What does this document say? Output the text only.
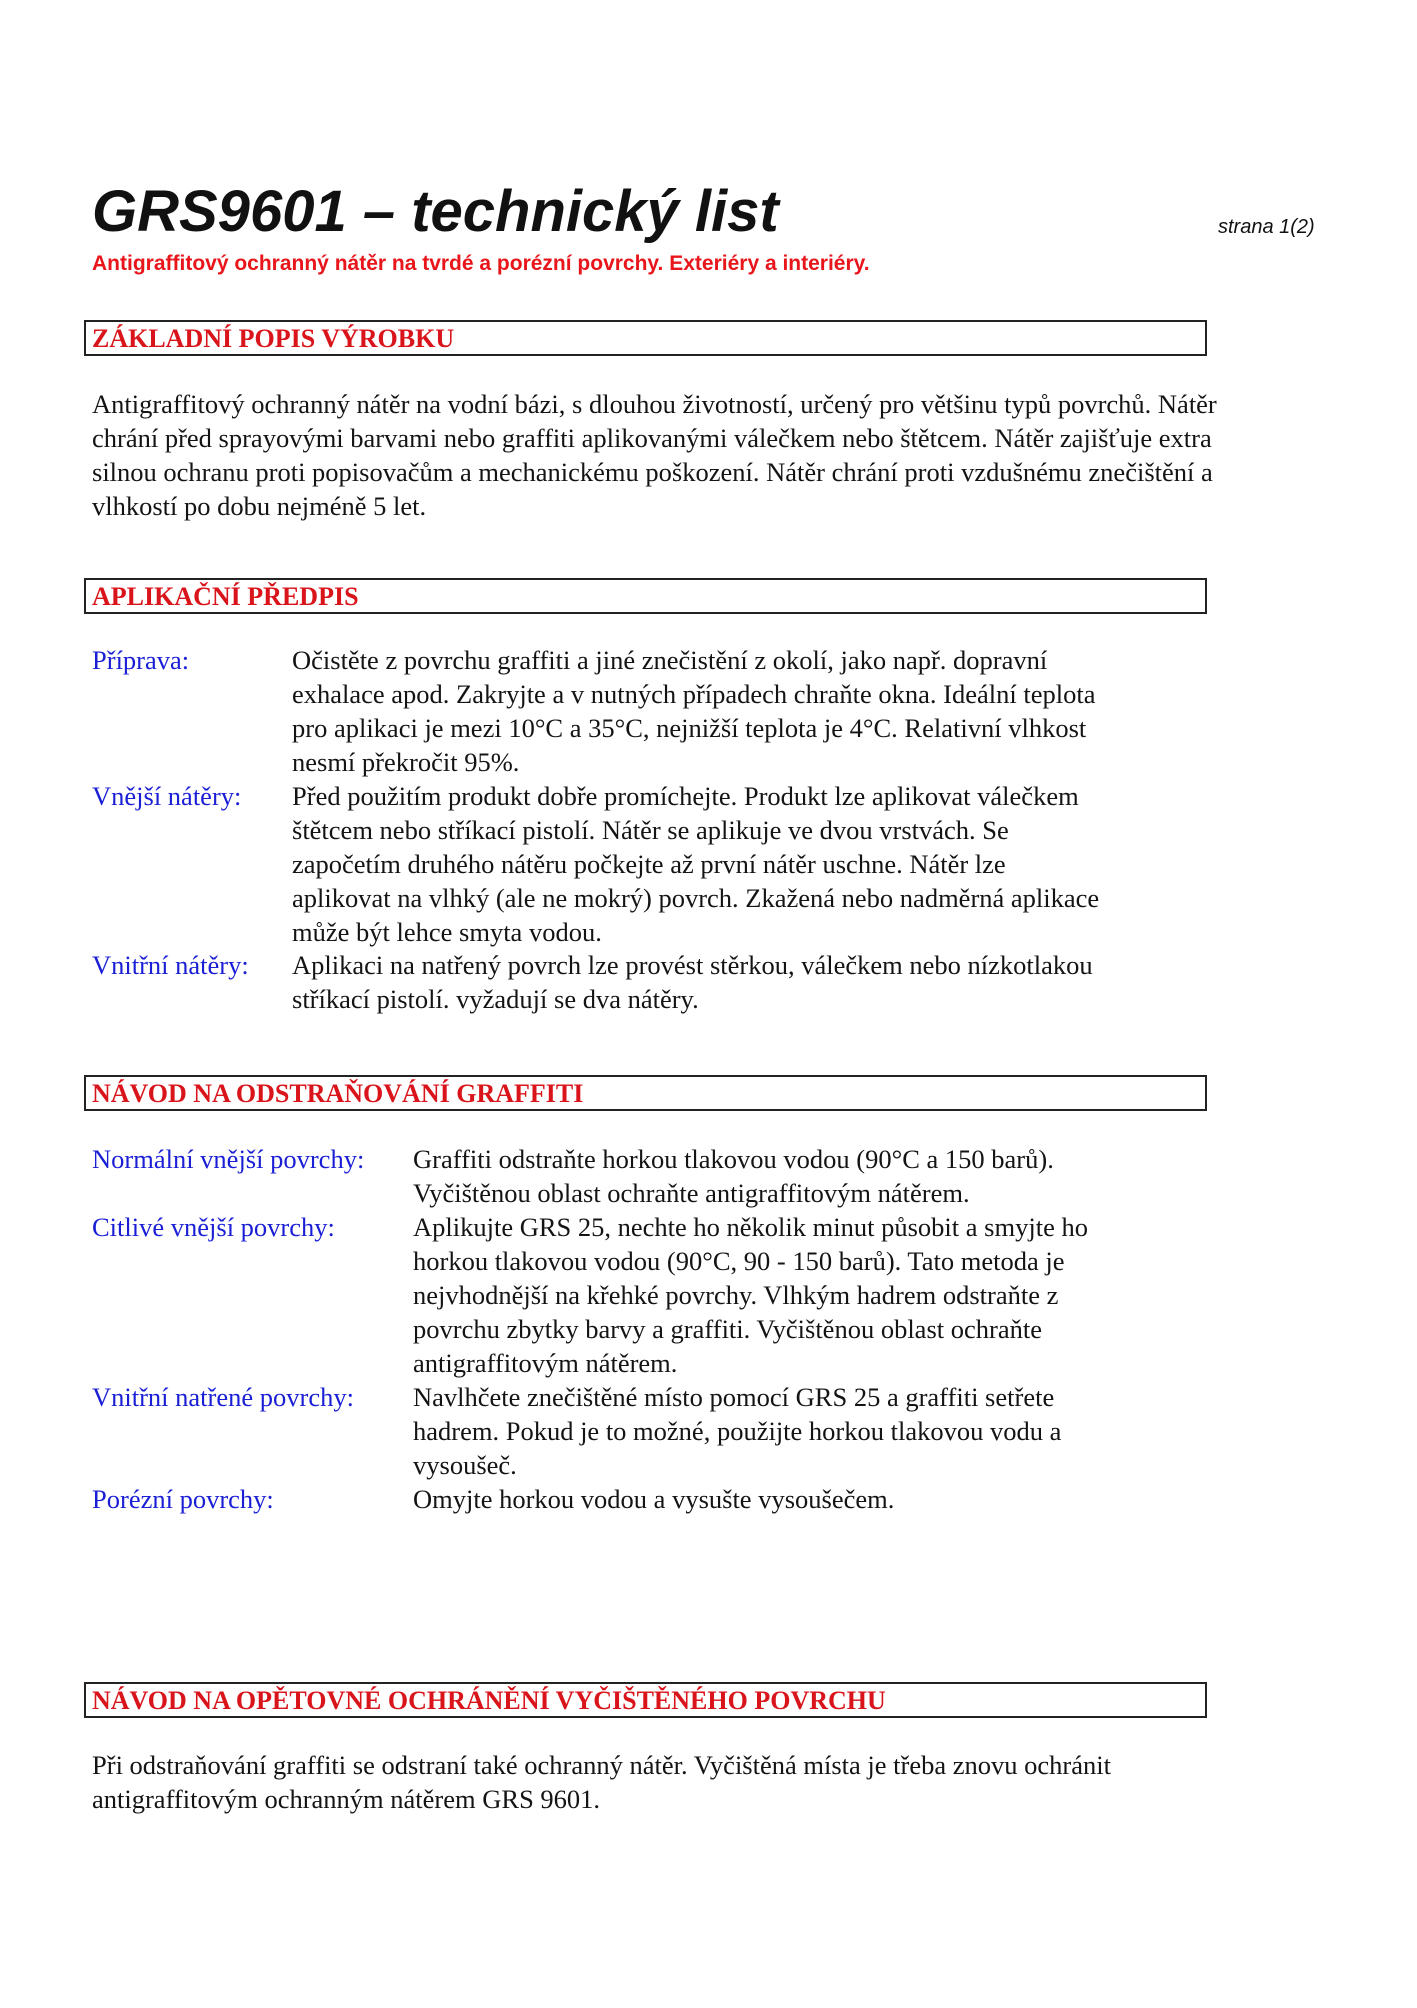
GRS9601 – technický list	strana 1(2)
Antigraffitový ochranný nátěr na tvrdé a porézní povrchy. Exteriéry a interiéry.
ZÁKLADNÍ POPIS VÝROBKU

Antigraffitový ochranný nátěr na vodní bázi, s dlouhou životností, určený pro většinu typů povrchů. Nátěr
chrání před sprayovými barvami nebo graffiti aplikovanými válečkem nebo štětcem. Nátěr zajišťuje extra
silnou ochranu proti popisovačům a mechanickému poškození. Nátěr chrání proti vzdušnému znečištění a
vlhkostí po dobu nejméně 5 let.

APLIKAČNÍ PŘEDPIS
Příprava:	Očistěte z povrchu graffiti a jiné znečistění z okolí, jako např. dopravní
exhalace apod. Zakryjte a v nutných případech chraňte okna. Ideální teplota
pro aplikaci je mezi 10°C a 35°C, nejnižší teplota je 4°C. Relativní vlhkost
nesmí překročit 95%.
Vnější nátěry: Před použitím produkt dobře promíchejte. Produkt lze aplikovat válečkem
štětcem nebo stříkací pistolí. Nátěr se aplikuje ve dvou vrstvách. Se
započetím druhého nátěru počkejte až první nátěr uschne. Nátěr lze
aplikovat na vlhký (ale ne mokrý) povrch. Zkažená nebo nadměrná aplikace
může být lehce smyta vodou.
Vnitřní nátěry: Aplikaci na natřený povrch lze provést stěrkou, válečkem nebo nízkotlakou
stříkací pistolí. vyžadují se dva nátěry.
NÁVOD NA ODSTRAŇOVÁNÍ GRAFFITI
Normální vnější povrchy: Graffiti odstraňte horkou tlakovou vodou (90°C a 150 barů).
Vyčištěnou oblast ochraňte antigraffitovým nátěrem.
Citlivé vnější povrchy:	Aplikujte GRS 25, nechte ho několik minut působit a smyjte ho
horkou tlakovou vodou (90°C, 90 - 150 barů). Tato metoda je
nejvhodnější na křehké povrchy. Vlhkým hadrem odstraňte z
povrchu zbytky barvy a graffiti. Vyčištěnou oblast ochraňte
antigraffitovým nátěrem.
Vnitřní natřené povrchy: Navlhčete znečištěné místo pomocí GRS 25 a graffiti setřete
hadrem. Pokud je to možné, použijte horkou tlakovou vodu a
vysoušeč.
Porézní povrchy:	Omyjte horkou vodou a vysušte vysoušečem.
NÁVOD NA OPĚTOVNÉ OCHRÁNĚNÍ VYČIŠTĚNÉHO POVRCHU

Při odstraňování graffiti se odstraní také ochranný nátěr. Vyčištěná místa je třeba znovu ochránit
antigraffitovým ochranným nátěrem GRS 9601.
